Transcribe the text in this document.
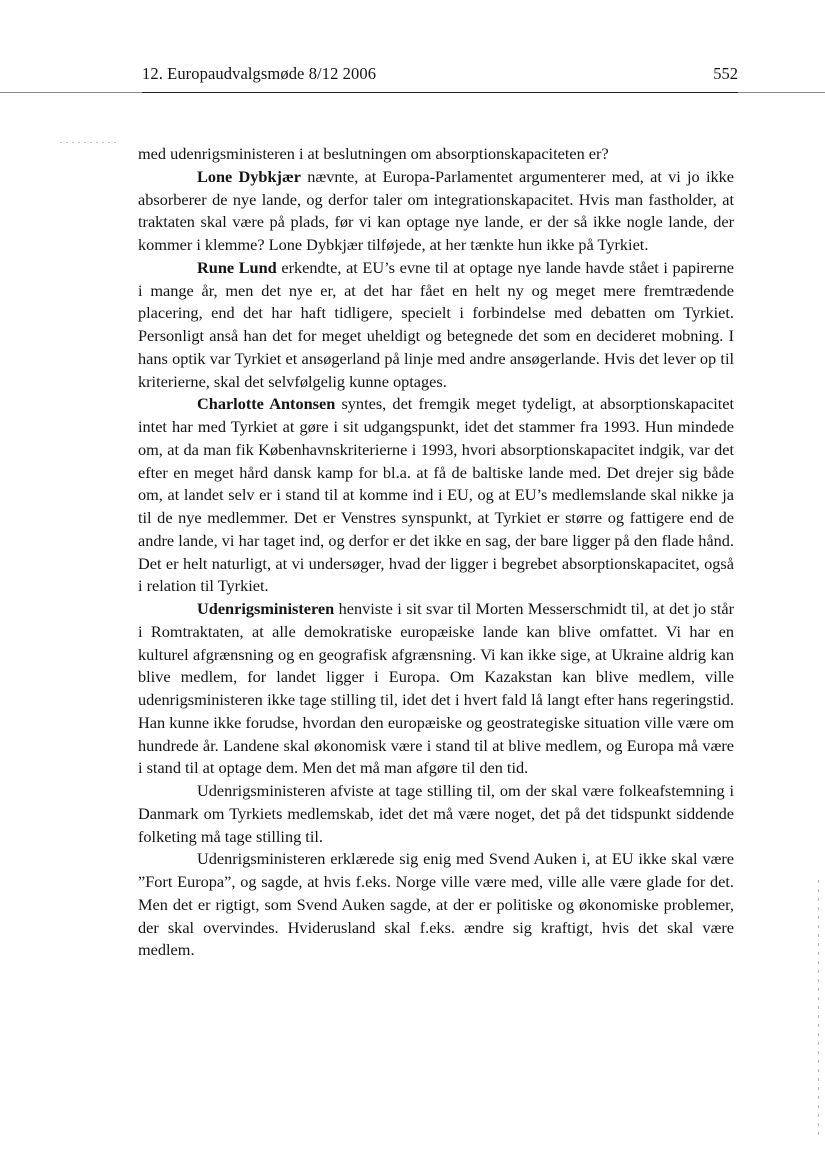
12. Europaudvalgsmøde 8/12 2006	552

med udenrigsministeren i at beslutningen om absorptionskapaciteten er?

Lone Dybkjær nævnte, at Europa-Parlamentet argumenterer med, at vi jo ikke absorberer de nye lande, og derfor taler om integrationskapacitet. Hvis man fastholder, at traktaten skal være på plads, før vi kan optage nye lande, er der så ikke nogle lande, der kommer i klemme? Lone Dybkjær tilføjede, at her tænkte hun ikke på Tyrkiet.

Rune Lund erkendte, at EU’s evne til at optage nye lande havde stået i papirerne i mange år, men det nye er, at det har fået en helt ny og meget mere fremtrædende placering, end det har haft tidligere, specielt i forbindelse med debatten om Tyrkiet. Personligt anså han det for meget uheldigt og betegnede det som en decideret mobning. I hans optik var Tyrkiet et ansøgerland på linje med andre ansøgerlande. Hvis det lever op til kriterierne, skal det selvfølgelig kunne optages.

Charlotte Antonsen syntes, det fremgik meget tydeligt, at absorptionskapacitet intet har med Tyrkiet at gøre i sit udgangspunkt, idet det stammer fra 1993. Hun mindede om, at da man fik Københavnskriterierne i 1993, hvori absorptionskapacitet indgik, var det efter en meget hård dansk kamp for bl.a. at få de baltiske lande med. Det drejer sig både om, at landet selv er i stand til at komme ind i EU, og at EU’s medlemslande skal nikke ja til de nye medlemmer. Det er Venstres synspunkt, at Tyrkiet er større og fattigere end de andre lande, vi har taget ind, og derfor er det ikke en sag, der bare ligger på den flade hånd. Det er helt naturligt, at vi undersøger, hvad der ligger i begrebet absorptionskapacitet, også i relation til Tyrkiet.

Udenrigsministeren henviste i sit svar til Morten Messerschmidt til, at det jo står i Romtraktaten, at alle demokratiske europæiske lande kan blive omfattet. Vi har en kulturel afgrænsning og en geografisk afgrænsning. Vi kan ikke sige, at Ukraine aldrig kan blive medlem, for landet ligger i Europa. Om Kazakstan kan blive medlem, ville udenrigsministeren ikke tage stilling til, idet det i hvert fald lå langt efter hans regeringstid. Han kunne ikke forudse, hvordan den europæiske og geostrategiske situation ville være om hundrede år. Landene skal økonomisk være i stand til at blive medlem, og Europa må være i stand til at optage dem. Men det må man afgøre til den tid.

Udenrigsministeren afviste at tage stilling til, om der skal være folkeafstemning i Danmark om Tyrkiets medlemskab, idet det må være noget, det på det tidspunkt siddende folketing må tage stilling til.

Udenrigsministeren erklærede sig enig med Svend Auken i, at EU ikke skal være ”Fort Europa”, og sagde, at hvis f.eks. Norge ville være med, ville alle være glade for det. Men det er rigtigt, som Svend Auken sagde, at der er politiske og økonomiske problemer, der skal overvindes. Hviderusland skal f.eks. ændre sig kraftigt, hvis det skal være medlem.
